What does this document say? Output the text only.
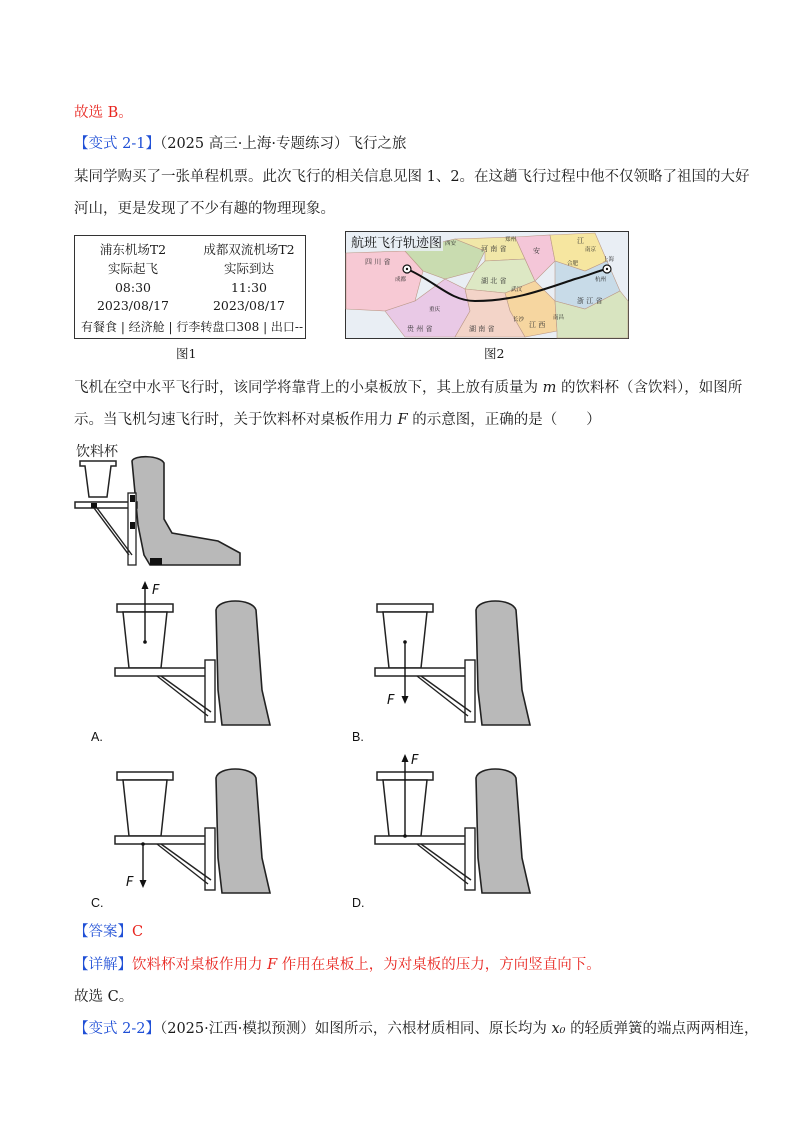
故选 B。
【变式 2-1】（2025 高三·上海·专题练习）飞行之旅
某同学购买了一张单程机票。此次飞行的相关信息见图 1、2。在这趟飞行过程中他不仅领略了祖国的大好
河山，更是发现了不少有趣的物理现象。
浦东机场T2	成都双流机场T2
实际起飞	实际到达
08:30	11:30
2023/08/17	2023/08/17
有餐食 | 经济舱 | 行李转盘口308 | 出口--
图1
航班飞行轨迹图
四 川 省
河 南 省
湖 北 省
安
江
浙 江 省
江 西
贵 州 省	湖 南 省
成都
上海
重庆
武汉
长沙	南昌
杭州
西安
郑州
合肥
南京
图2
飞机在空中水平飞行时，该同学将靠背上的小桌板放下，其上放有质量为 m 的饮料杯（含饮料），如图所
示。当飞机匀速飞行时，关于饮料杯对桌板作用力 F 的示意图，正确的是（　　）
饮料杯
F
A.
F
B.
F
C.
F
D.
【答案】C
【详解】饮料杯对桌板作用力 F 作用在桌板上，为对桌板的压力，方向竖直向下。
故选 C。
【变式 2-2】（2025·江西·模拟预测）如图所示，六根材质相同、原长均为 x₀ 的轻质弹簧的端点两两相连，
